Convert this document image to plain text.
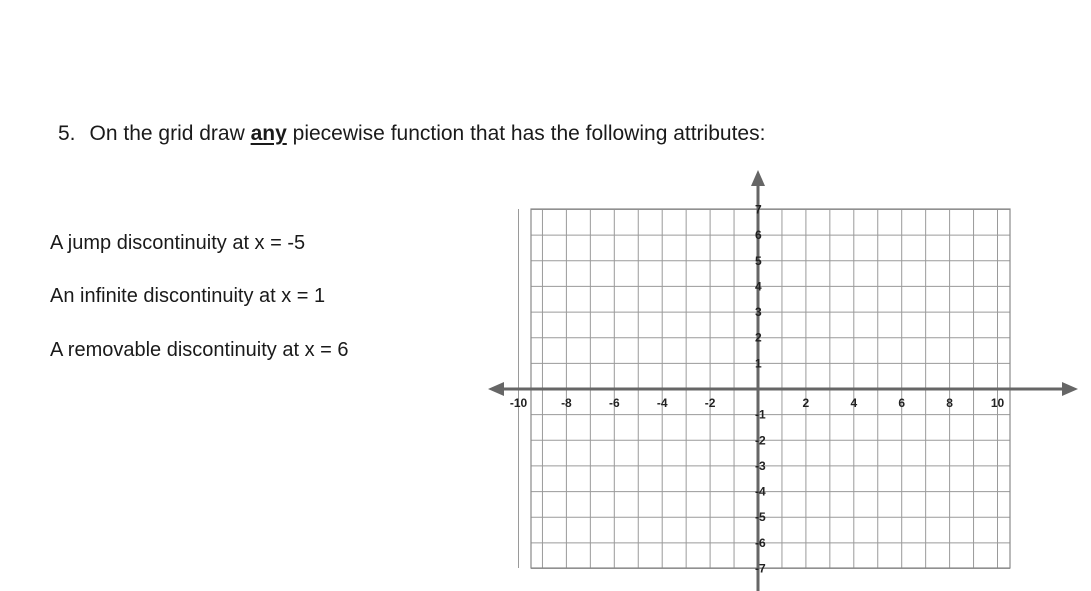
5. On the grid draw any piecewise function that has the following attributes:
A jump discontinuity at x = -5
An infinite discontinuity at x = 1
A removable discontinuity at x = 6
-10	-8	-6	-4	-2	2	4	6	8	10
7
6
5
4
3
2
1
-1
-2
-3
-4
-5
-6
-7
